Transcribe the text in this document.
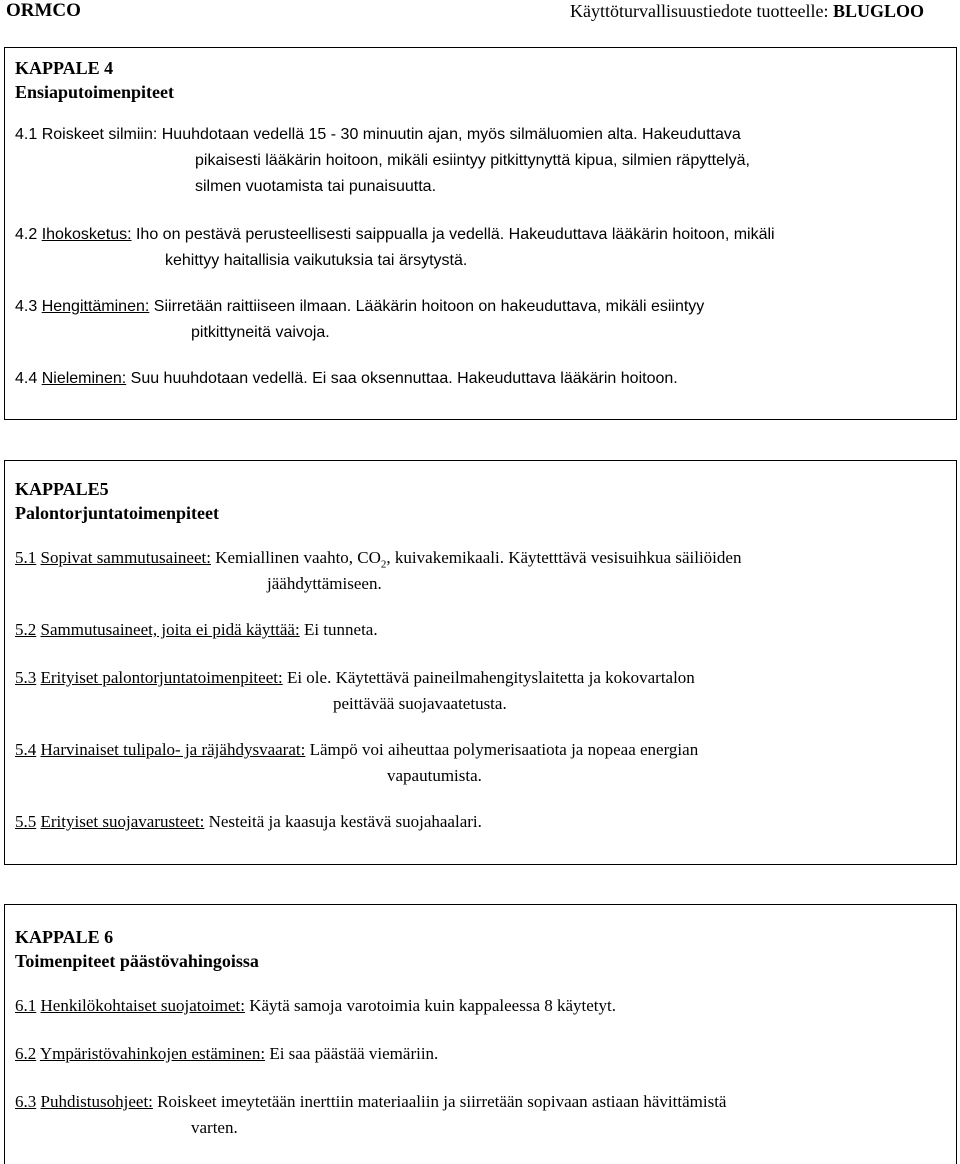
ORMCO	Käyttöturvallisuustiedote tuotteelle: BLUGLOO
KAPPALE 4
Ensiaputoimenpiteet
4.1 Roiskeet silmiin: Huuhdotaan vedellä 15 - 30 minuutin ajan, myös silmäluomien alta. Hakeuduttava
pikaisesti lääkärin hoitoon, mikäli esiintyy pitkittynyttä kipua, silmien räpyttelyä,
silmen vuotamista tai punaisuutta.
4.2 Ihokosketus: Iho on pestävä perusteellisesti saippualla ja vedellä. Hakeuduttava lääkärin hoitoon, mikäli
kehittyy haitallisia vaikutuksia tai ärsytystä.
4.3 Hengittäminen: Siirretään raittiiseen ilmaan. Lääkärin hoitoon on hakeuduttava, mikäli esiintyy
pitkittyneitä vaivoja.
4.4 Nieleminen: Suu huuhdotaan vedellä. Ei saa oksennuttaa. Hakeuduttava lääkärin hoitoon.
KAPPALE5
Palontorjuntatoimenpiteet
5.1 Sopivat sammutusaineet: Kemiallinen vaahto, $CO_2$, kuivakemikaali. Käytetttävä vesisuihkua säiliöiden
jäähdyttämiseen.
5.2 Sammutusaineet, joita ei pidä käyttää: Ei tunneta.
5.3 Erityiset palontorjuntatoimenpiteet: Ei ole. Käytettävä paineilmahengityslaitetta ja kokovartalon
peittävää suojavaatetusta.
5.4 Harvinaiset tulipalo- ja räjähdysvaarat: Lämpö voi aiheuttaa polymerisaatiota ja nopeaa energian
vapautumista.
5.5 Erityiset suojavarusteet: Nesteitä ja kaasuja kestävä suojahaalari.
KAPPALE 6
Toimenpiteet päästövahingoissa
6.1 Henkilökohtaiset suojatoimet: Käytä samoja varotoimia kuin kappaleessa 8 käytetyt.
6.2 Ympäristövahinkojen estäminen: Ei saa päästää viemäriin.
6.3 Puhdistusohjeet: Roiskeet imeytetään inerttiin materiaaliin ja siirretään sopivaan astiaan hävittämistä
varten.
